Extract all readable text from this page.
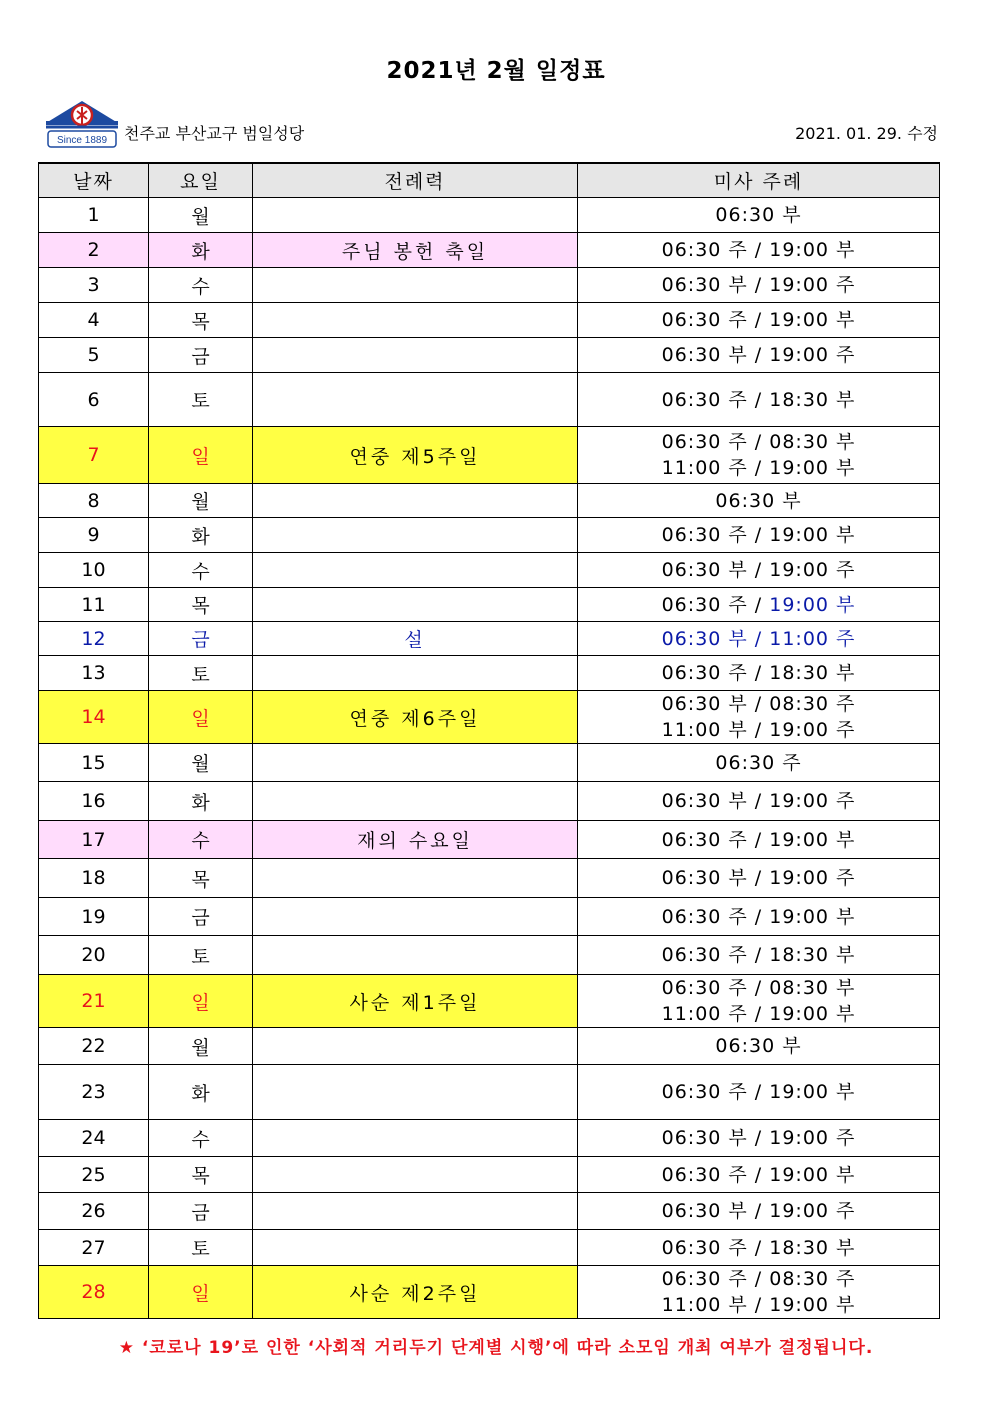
2021년 2월 일정표
Since 1889 천주교 부산교구 범일성당	2021. 01. 29. 수정
날짜	요일	전례력	미사 주례
1	월		06:30 부

2	화	주님 봉헌 축일	06:30 주 / 19:00 부

3	수		06:30 부 / 19:00 주

4	목		06:30 주 / 19:00 부

5	금		06:30 부 / 19:00 주

6	토		06:30 주 / 18:30 부

7	일	연중 제5주일	06:30 주 / 08:30 부
11:00 주 / 19:00 부

8	월		06:30 부

9	화		06:30 주 / 19:00 부

10	수		06:30 부 / 19:00 주

11	목		06:30 주 / 19:00 부
12	금	설	06:30 부 / 11:00 주

13	토		06:30 주 / 18:30 부

14	일	연중 제6주일	06:30 부 / 08:30 주
11:00 부 / 19:00 주

15	월		06:30 주

16	화		06:30 부 / 19:00 주

17	수	재의 수요일	06:30 주 / 19:00 부

18	목		06:30 부 / 19:00 주

19	금		06:30 주 / 19:00 부

20	토		06:30 주 / 18:30 부

21	일	사순 제1주일	06:30 주 / 08:30 부
11:00 주 / 19:00 부

22	월		06:30 부

23	화		06:30 주 / 19:00 부

24	수		06:30 부 / 19:00 주

25	목		06:30 주 / 19:00 부

26	금		06:30 부 / 19:00 주

27	토		06:30 주 / 18:30 부

28	일	사순 제2주일	06:30 주 / 08:30 주
11:00 부 / 19:00 부
★ ‘코로나 19’로 인한 ‘사회적 거리두기 단계별 시행’에 따라 소모임 개최 여부가 결정됩니다.
